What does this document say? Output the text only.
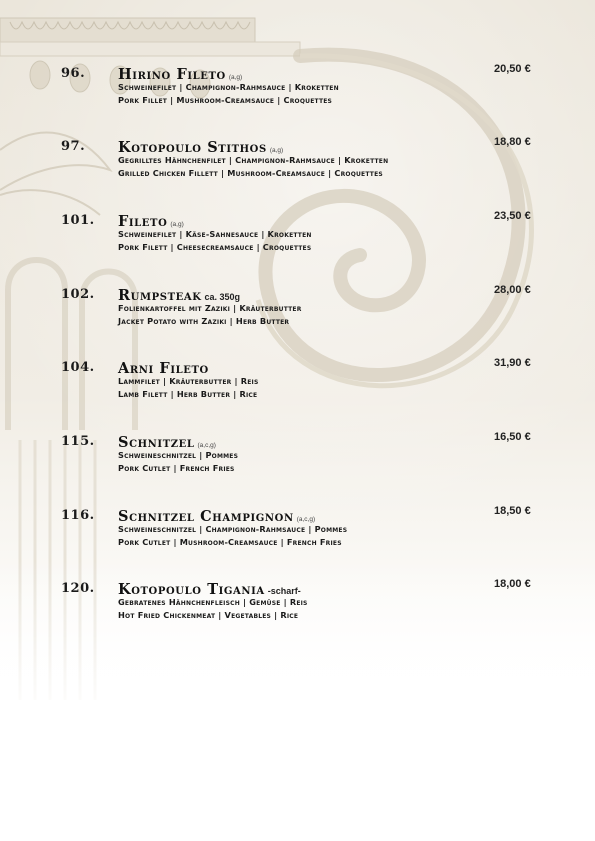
96. Hirino Fileto (a,g)
Schweinefilet | Champignon-Rahmsauce | Kroketten
Pork Fillet | Mushroom-Creamsauce | Croquettes
20,50 €
97. Kotopoulo Stithos (a,g)
Gegrilltes Hähnchenfilet | Champignon-Rahmsauce | Kroketten
Grilled Chicken Fillett | Mushroom-Creamsauce | Croquettes
18,80 €
101. Fileto (a,g)
Schweinefilet | Käse-Sahnesauce | Kroketten
Pork Filett | Cheesecreamsauce | Croquettes
23,50 €
102. Rumpsteak ca. 350g
Folienkartoffel mit Zaziki | Kräuterbutter
Jacket Potato with Zaziki | Herb Butter
28,00 €
104. Arni Fileto
Lammfilet | Kräuterbutter | Reis
Lamb Filett | Herb Butter | Rice
31,90 €
115. Schnitzel (a,c,g)
Schweineschnitzel | Pommes
Pork Cutlet | French Fries
16,50 €
116. Schnitzel Champignon (a,c,g)
Schweineschnitzel | Champignon-Rahmsauce | Pommes
Pork Cutlet | Mushroom-Creamsauce | French Fries
18,50 €
120. Kotopoulo Tigania -scharf-
Gebratenes Hähnchenfleisch | Gemüse | Reis
Hot Fried Chickenmeat | Vegetables | Rice
18,00 €
